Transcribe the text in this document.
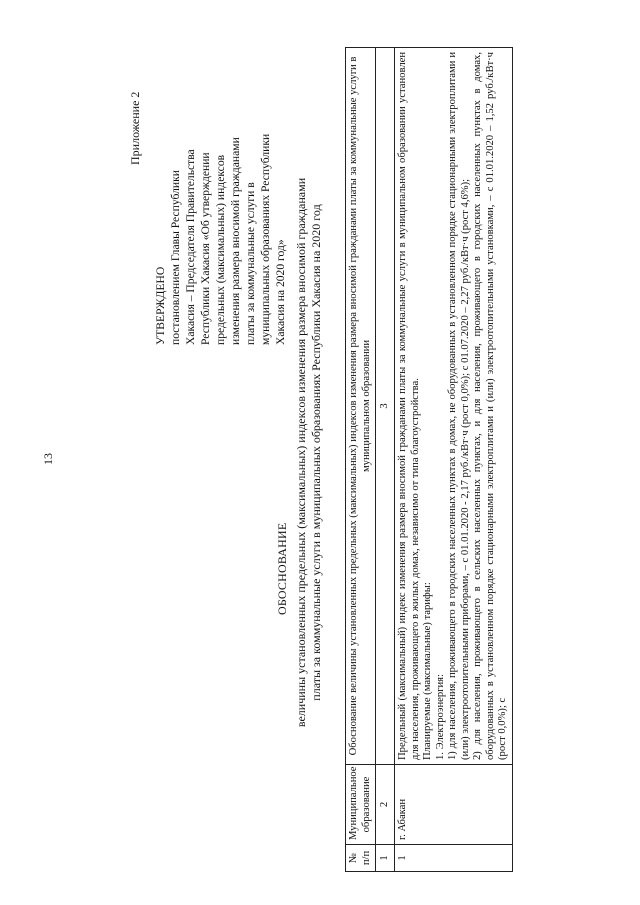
13
Приложение 2
УТВЕРЖДЕНО постановлением Главы Республики Хакасия – Председателя Правительства Республики Хакасия «Об утверждении предельных (максимальных) индексов изменения размера вносимой гражданами платы за коммунальные услуги в муниципальных образованиях Республики Хакасия на 2020 год»
ОБОСНОВАНИЕ величины установленных предельных (максимальных) индексов изменения размера вносимой гражданами платы за коммунальные услуги в муниципальных образованиях Республики Хакасия на 2020 год
№ п/п	Муниципальное образование	Обоснование величины установленных предельных (максимальных) индексов изменения размера вносимой гражданами платы за коммунальные услуги в муниципальном образовании
1	2	3
1	г. Абакан	Предельный (максимальный) индекс изменения размера вносимой гражданами платы за коммунальные услуги в муниципальном образовании установлен для населения, проживающего в жилых домах, независимо от типа благоустройства. Планируемые (максимальные) тарифы: 1. Электроэнергия: 1) для населения, проживающего в городских населенных пунктах в домах, не оборудованных в установленном порядке стационарными электроплитами и (или) электроотопительными приборами, – с 01.01.2020 - 2,17 руб./кВт·ч (рост 0,0%); с 01.07.2020 – 2,27 руб./кВт·ч (рост 4,6%); 2) для населения, проживающего в сельских населенных пунктах, и для населения, проживающего в городских населенных пунктах в домах, оборудованных в установленном порядке стационарными электроплитами и (или) электроотопительными установками, – с 01.01.2020 – 1,52 руб./кВт·ч (рост 0,0%); с
